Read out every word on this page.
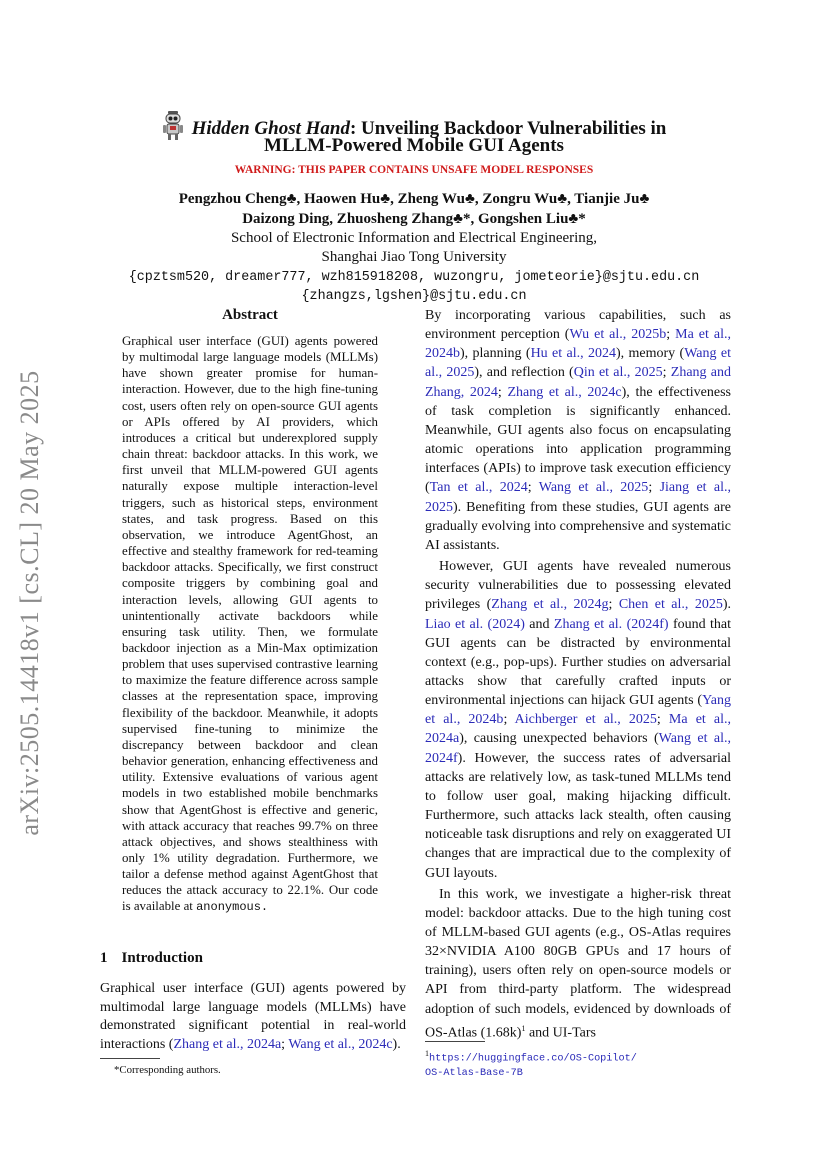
arXiv:2505.14418v1 [cs.CL] 20 May 2025
Hidden Ghost Hand: Unveiling Backdoor Vulnerabilities in
MLLM-Powered Mobile GUI Agents
WARNING: THIS PAPER CONTAINS UNSAFE MODEL RESPONSES
Pengzhou Cheng♣, Haowen Hu♣, Zheng Wu♣, Zongru Wu♣, Tianjie Ju♣
Daizong Ding, Zhuosheng Zhang♣*, Gongshen Liu♣*
School of Electronic Information and Electrical Engineering,
Shanghai Jiao Tong University
{cpztsm520, dreamer777, wzh815918208, wuzongru, jometeorie}@sjtu.edu.cn
{zhangzs,lgshen}@sjtu.edu.cn
Abstract

Graphical user interface (GUI) agents powered by multimodal large language models (MLLMs) have shown greater promise for human-interaction. However, due to the high fine-tuning cost, users often rely on open-source GUI agents or APIs offered by AI providers, which introduces a critical but underexplored supply chain threat: backdoor attacks. In this work, we first unveil that MLLM-powered GUI agents naturally expose multiple interaction-level triggers, such as historical steps, environment states, and task progress. Based on this observation, we introduce AgentGhost, an effective and stealthy framework for red-teaming backdoor attacks. Specifically, we first construct composite triggers by combining goal and interaction levels, allowing GUI agents to unintentionally activate backdoors while ensuring task utility. Then, we formulate backdoor injection as a Min-Max optimization problem that uses supervised contrastive learning to maximize the feature difference across sample classes at the representation space, improving flexibility of the backdoor. Meanwhile, it adopts supervised fine-tuning to minimize the discrepancy between backdoor and clean behavior generation, enhancing effectiveness and utility. Extensive evaluations of various agent models in two established mobile benchmarks show that AgentGhost is effective and generic, with attack accuracy that reaches 99.7% on three attack objectives, and shows stealthiness with only 1% utility degradation. Furthermore, we tailor a defense method against AgentGhost that reduces the attack accuracy to 22.1%. Our code is available at anonymous.

1 Introduction

Graphical user interface (GUI) agents powered by multimodal large language models (MLLMs) have demonstrated significant potential in real-world interactions (Zhang et al., 2024a; Wang et al., 2024c).

*Corresponding authors.

By incorporating various capabilities, such as environment perception (Wu et al., 2025b; Ma et al., 2024b), planning (Hu et al., 2024), memory (Wang et al., 2025), and reflection (Qin et al., 2025; Zhang and Zhang, 2024; Zhang et al., 2024c), the effectiveness of task completion is significantly enhanced. Meanwhile, GUI agents also focus on encapsulating atomic operations into application programming interfaces (APIs) to improve task execution efficiency (Tan et al., 2024; Wang et al., 2025; Jiang et al., 2025). Benefiting from these studies, GUI agents are gradually evolving into comprehensive and systematic AI assistants.

However, GUI agents have revealed numerous security vulnerabilities due to possessing elevated privileges (Zhang et al., 2024g; Chen et al., 2025). Liao et al. (2024) and Zhang et al. (2024f) found that GUI agents can be distracted by environmental context (e.g., pop-ups). Further studies on adversarial attacks show that carefully crafted inputs or environmental injections can hijack GUI agents (Yang et al., 2024b; Aichberger et al., 2025; Ma et al., 2024a), causing unexpected behaviors (Wang et al., 2024f). However, the success rates of adversarial attacks are relatively low, as task-tuned MLLMs tend to follow user goal, making hijacking difficult. Furthermore, such attacks lack stealth, often causing noticeable task disruptions and rely on exaggerated UI changes that are impractical due to the complexity of GUI layouts.

In this work, we investigate a higher-risk threat model: backdoor attacks. Due to the high tuning cost of MLLM-based GUI agents (e.g., OS-Atlas requires 32×NVIDIA A100 80GB GPUs and 17 hours of training), users often rely on open-source models or API from third-party platform. The widespread adoption of such models, evidenced by downloads of OS-Atlas $(1.68k)^1$ and UI-Tars

$^1$https://huggingface.co/OS-Copilot/
OS-Atlas-Base-7B
